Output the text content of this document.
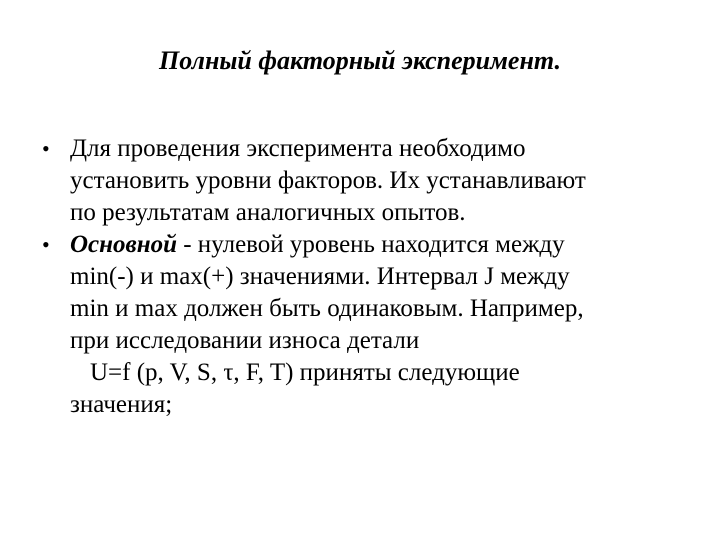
Полный факторный эксперимент.
• Для проведения эксперимента необходимо
установить уровни факторов. Их устанавливают
по результатам аналогичных опытов.
• Основной - нулевой уровень находится между
min(-) и max(+) значениями. Интервал J между
min и max должен быть одинаковым. Например,
при исследовании износа детали
U=f (p, V, S, τ, F, T) приняты следующие
значения;
